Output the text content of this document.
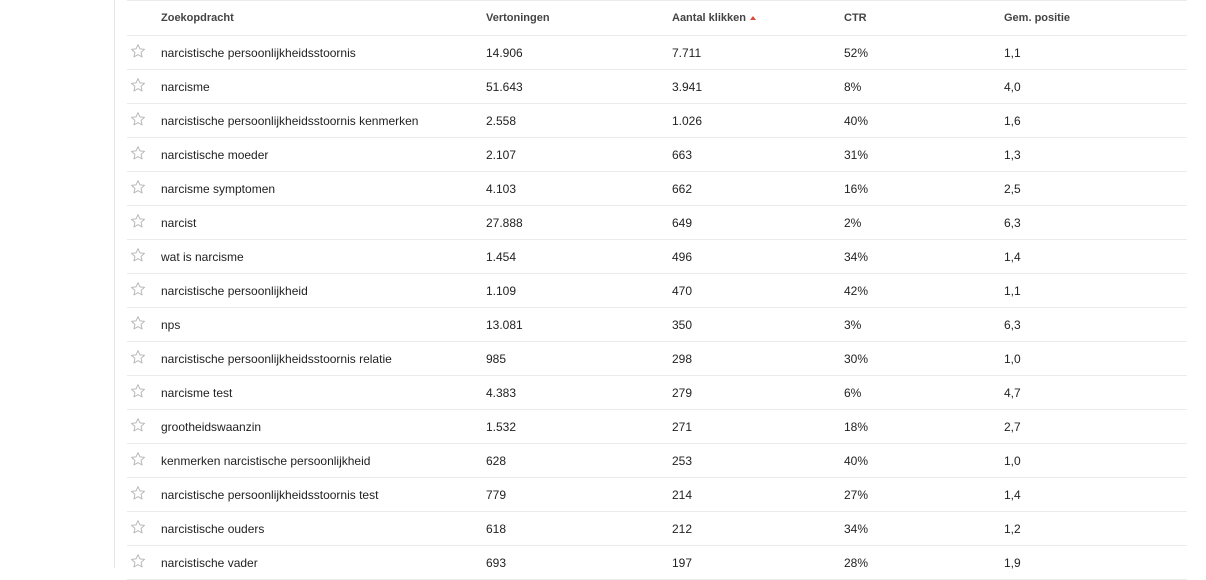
	Zoekopdracht	Vertoningen	Aantal klikken	CTR	Gem. positie

	narcistische persoonlijkheidsstoornis	14.906	7.711	52%	1,1

	narcisme	51.643	3.941	8%	4,0

	narcistische persoonlijkheidsstoornis kenmerken	2.558	1.026	40%	1,6

	narcistische moeder	2.107	663	31%	1,3

	narcisme symptomen	4.103	662	16%	2,5

	narcist	27.888	649	2%	6,3

	wat is narcisme	1.454	496	34%	1,4

	narcistische persoonlijkheid	1.109	470	42%	1,1

	nps	13.081	350	3%	6,3

	narcistische persoonlijkheidsstoornis relatie	985	298	30%	1,0

	narcisme test	4.383	279	6%	4,7

	grootheidswaanzin	1.532	271	18%	2,7

	kenmerken narcistische persoonlijkheid	628	253	40%	1,0

	narcistische persoonlijkheidsstoornis test	779	214	27%	1,4

	narcistische ouders	618	212	34%	1,2

	narcistische vader	693	197	28%	1,9
